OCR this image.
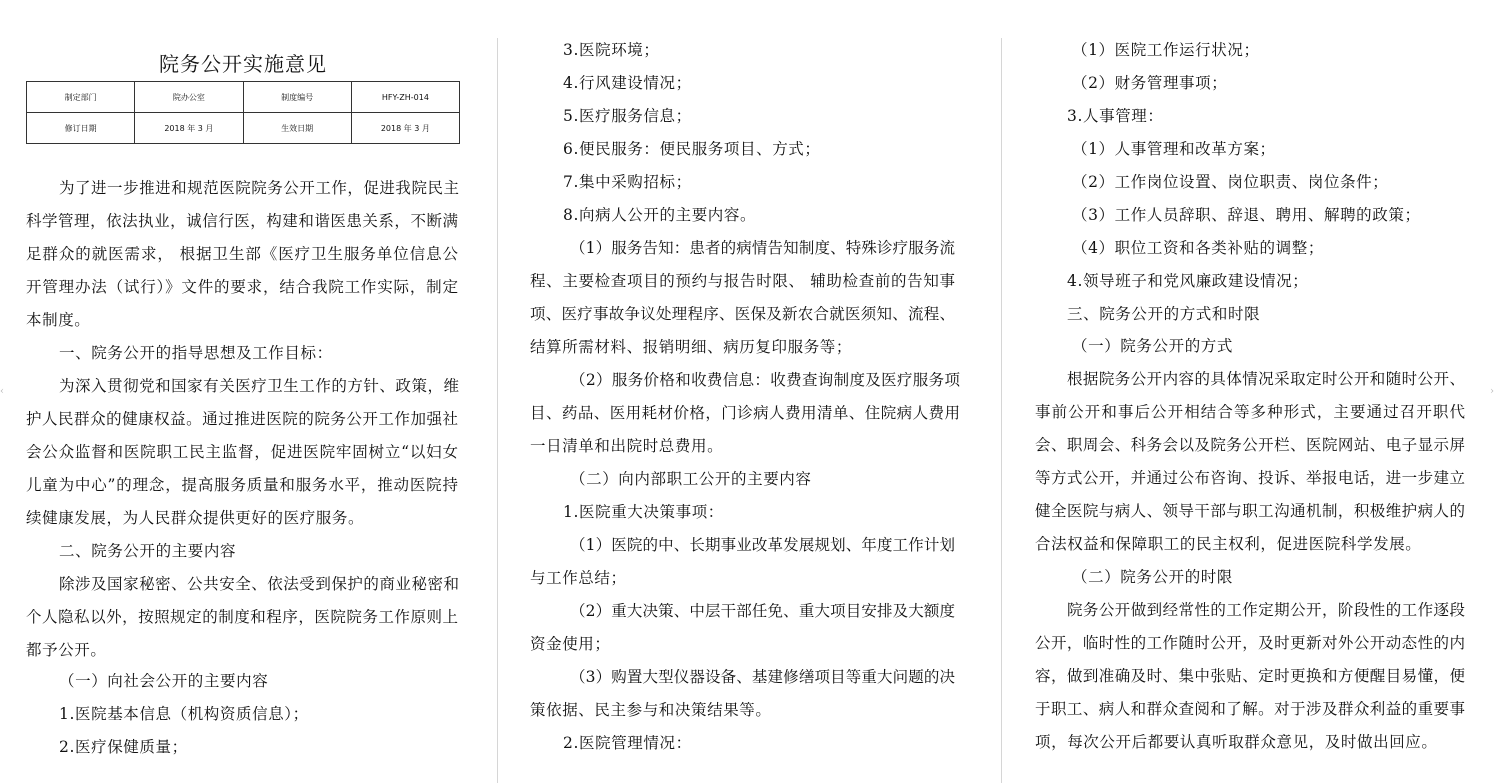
院务公开实施意见
制定部门	院办公室	制度编号	HFY-ZH-014
修订日期	2018 年 3 月	生效日期	2018 年 3 月
为了进一步推进和规范医院院务公开工作，促进我院民主
科学管理，依法执业，诚信行医，构建和谐医患关系，不断满
足群众的就医需求， 根据卫生部《医疗卫生服务单位信息公
开管理办法（试行）》文件的要求，结合我院工作实际，制定
本制度。
一、院务公开的指导思想及工作目标：
为深入贯彻党和国家有关医疗卫生工作的方针、政策，维
护人民群众的健康权益。通过推进医院的院务公开工作加强社
会公众监督和医院职工民主监督，促进医院牢固树立“以妇女
儿童为中心”的理念，提高服务质量和服务水平，推动医院持
续健康发展，为人民群众提供更好的医疗服务。
二、院务公开的主要内容
除涉及国家秘密、公共安全、依法受到保护的商业秘密和
个人隐私以外，按照规定的制度和程序，医院院务工作原则上
都予公开。
（一）向社会公开的主要内容
1.医院基本信息（机构资质信息）；
2.医疗保健质量；
3.医院环境；
4.行风建设情况；
5.医疗服务信息；
6.便民服务：便民服务项目、方式；
7.集中采购招标；
8.向病人公开的主要内容。
（1）服务告知：患者的病情告知制度、特殊诊疗服务流
程、主要检查项目的预约与报告时限、 辅助检查前的告知事
项、医疗事故争议处理程序、医保及新农合就医须知、流程、
结算所需材料、报销明细、病历复印服务等；
（2）服务价格和收费信息：收费查询制度及医疗服务项
目、药品、医用耗材价格，门诊病人费用清单、住院病人费用
一日清单和出院时总费用。
（二）向内部职工公开的主要内容
1.医院重大决策事项：
（1）医院的中、长期事业改革发展规划、年度工作计划
与工作总结；
（2）重大决策、中层干部任免、重大项目安排及大额度
资金使用；
（3）购置大型仪器设备、基建修缮项目等重大问题的决
策依据、民主参与和决策结果等。
2.医院管理情况：
（1）医院工作运行状况；
（2）财务管理事项；
3.人事管理：
（1）人事管理和改革方案；
（2）工作岗位设置、岗位职责、岗位条件；
（3）工作人员辞职、辞退、聘用、解聘的政策；
（4）职位工资和各类补贴的调整；
4.领导班子和党风廉政建设情况；
三、院务公开的方式和时限
（一）院务公开的方式
根据院务公开内容的具体情况采取定时公开和随时公开、
事前公开和事后公开相结合等多种形式，主要通过召开职代
会、职周会、科务会以及院务公开栏、医院网站、电子显示屏
等方式公开，并通过公布咨询、投诉、举报电话，进一步建立
健全医院与病人、领导干部与职工沟通机制，积极维护病人的
合法权益和保障职工的民主权利，促进医院科学发展。
（二）院务公开的时限
院务公开做到经常性的工作定期公开，阶段性的工作逐段
公开，临时性的工作随时公开，及时更新对外公开动态性的内
容，做到准确及时、集中张贴、定时更换和方便醒目易懂，便
于职工、病人和群众查阅和了解。对于涉及群众利益的重要事
项，每次公开后都要认真听取群众意见，及时做出回应。
‹	›
